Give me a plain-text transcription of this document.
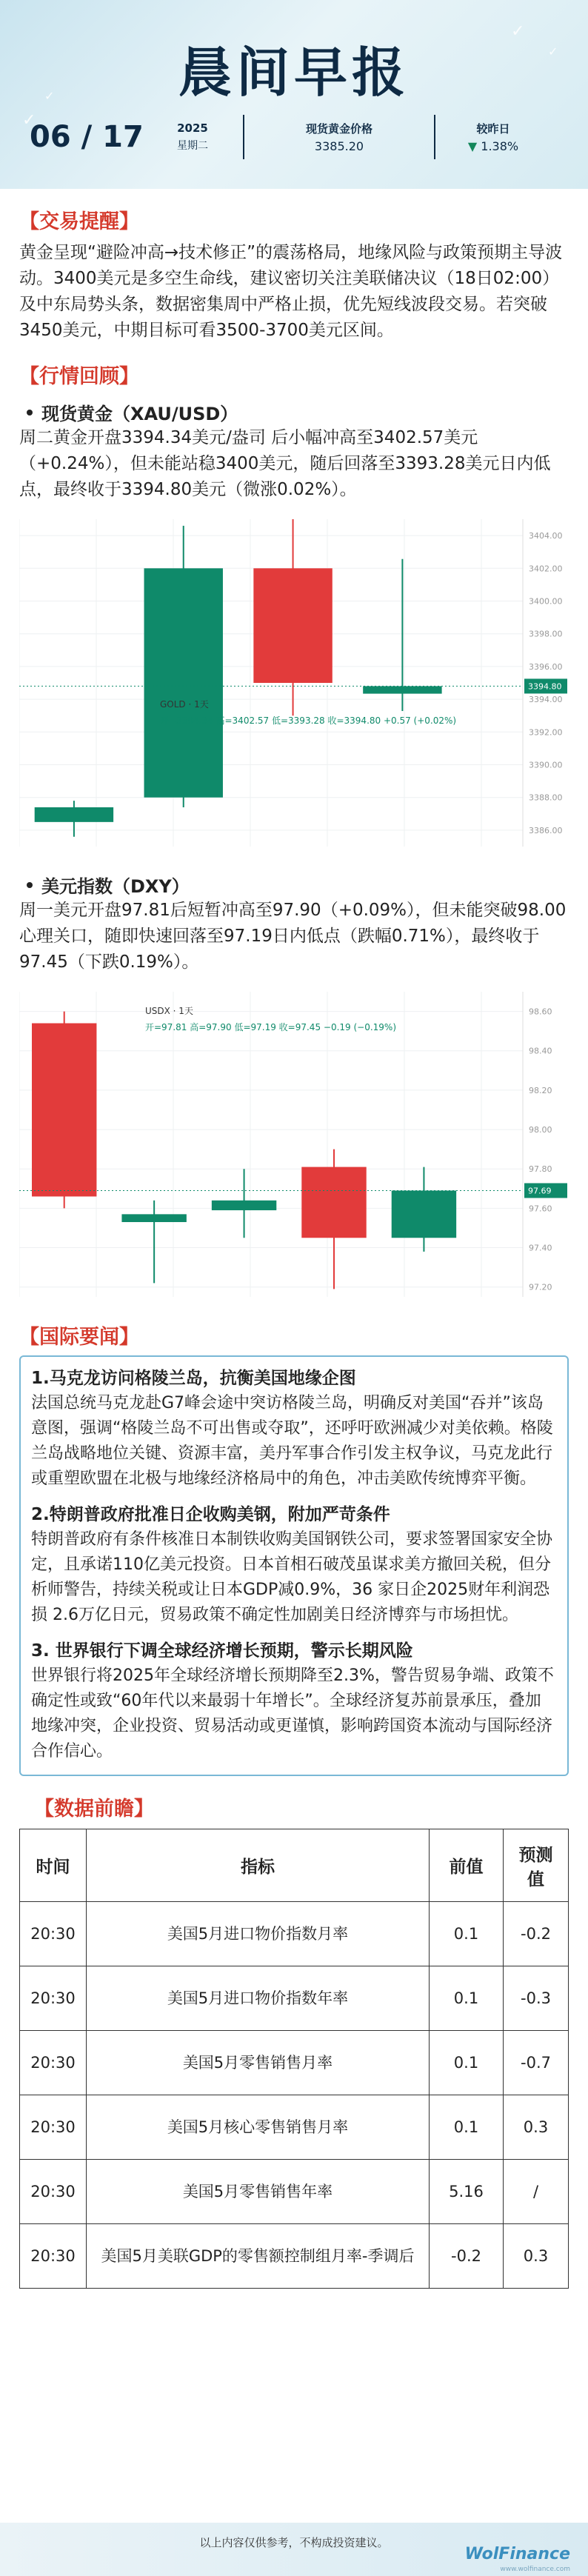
✓
✓
✓
✓
晨间早报
06 / 17	2025
星期二
现货黄金价格
3385.20
较昨日
▼ 1.38%
【交易提醒】
黄金呈现“避险冲高→技术修正”的震荡格局，地缘风险与政策预期主导波动。3400美元是多空生命线，建议密切关注美联储决议（18日02:00）及中东局势头条，数据密集周中严格止损，优先短线波段交易。若突破3450美元，中期目标可看3500-3700美元区间。
【行情回顾】
现货黄金（XAU/USD）
周二黄金开盘3394.34美元/盎司 后小幅冲高至3402.57美元（+0.24%），但未能站稳3400美元，随后回落至3393.28美元日内低点，最终收于3394.80美元（微涨0.02%）。
3404.00
3402.00
3400.00
3398.00
3396.00
3394.00
3392.00
3390.00
3388.00
3386.00
3394.80
GOLD · 1天
开=3394.34 高=3402.57 低=3393.28 收=3394.80 +0.57 (+0.02%)
美元指数（DXY）
周一美元开盘97.81后短暂冲高至97.90（+0.09%），但未能突破98.00心理关口，随即快速回落至97.19日内低点（跌幅0.71%），最终收于97.45（下跌0.19%）。
98.60
98.40
98.20
98.00
97.80
97.60
97.40
97.20
97.69
USDX · 1天
开=97.81 高=97.90 低=97.19 收=97.45 −0.19 (−0.19%)
【国际要闻】
1.马克龙访问格陵兰岛，抗衡美国地缘企图
法国总统马克龙赴G7峰会途中突访格陵兰岛，明确反对美国“吞并”该岛意图，强调“格陵兰岛不可出售或夺取”，还呼吁欧洲减少对美依赖。格陵兰岛战略地位关键、资源丰富，美丹军事合作引发主权争议，马克龙此行或重塑欧盟在北极与地缘经济格局中的角色，冲击美欧传统博弈平衡。
2.特朗普政府批准日企收购美钢，附加严苛条件
特朗普政府有条件核准日本制铁收购美国钢铁公司，要求签署国家安全协定，且承诺110亿美元投资。日本首相石破茂虽谋求美方撤回关税，但分析师警告，持续关税或让日本GDP减0.9%，36 家日企2025财年利润恐损 2.6万亿日元，贸易政策不确定性加剧美日经济博弈与市场担忧。
3. 世界银行下调全球经济增长预期，警示长期风险
世界银行将2025年全球经济增长预期降至2.3%，警告贸易争端、政策不确定性或致“60年代以来最弱十年增长”。全球经济复苏前景承压，叠加地缘冲突，企业投资、贸易活动或更谨慎，影响跨国资本流动与国际经济合作信心。
【数据前瞻】
时间	指标	前值	预测值
20:30	美国5月进口物价指数月率	0.1	-0.2
20:30	美国5月进口物价指数年率	0.1	-0.3
20:30	美国5月零售销售月率	0.1	-0.7
20:30	美国5月核心零售销售月率	0.1	0.3
20:30	美国5月零售销售年率	5.16	/
20:30	美国5月美联GDP的零售额控制组月率-季调后	-0.2	0.3
以上内容仅供参考，不构成投资建议。
WolFinance
www.wolfinance.com
